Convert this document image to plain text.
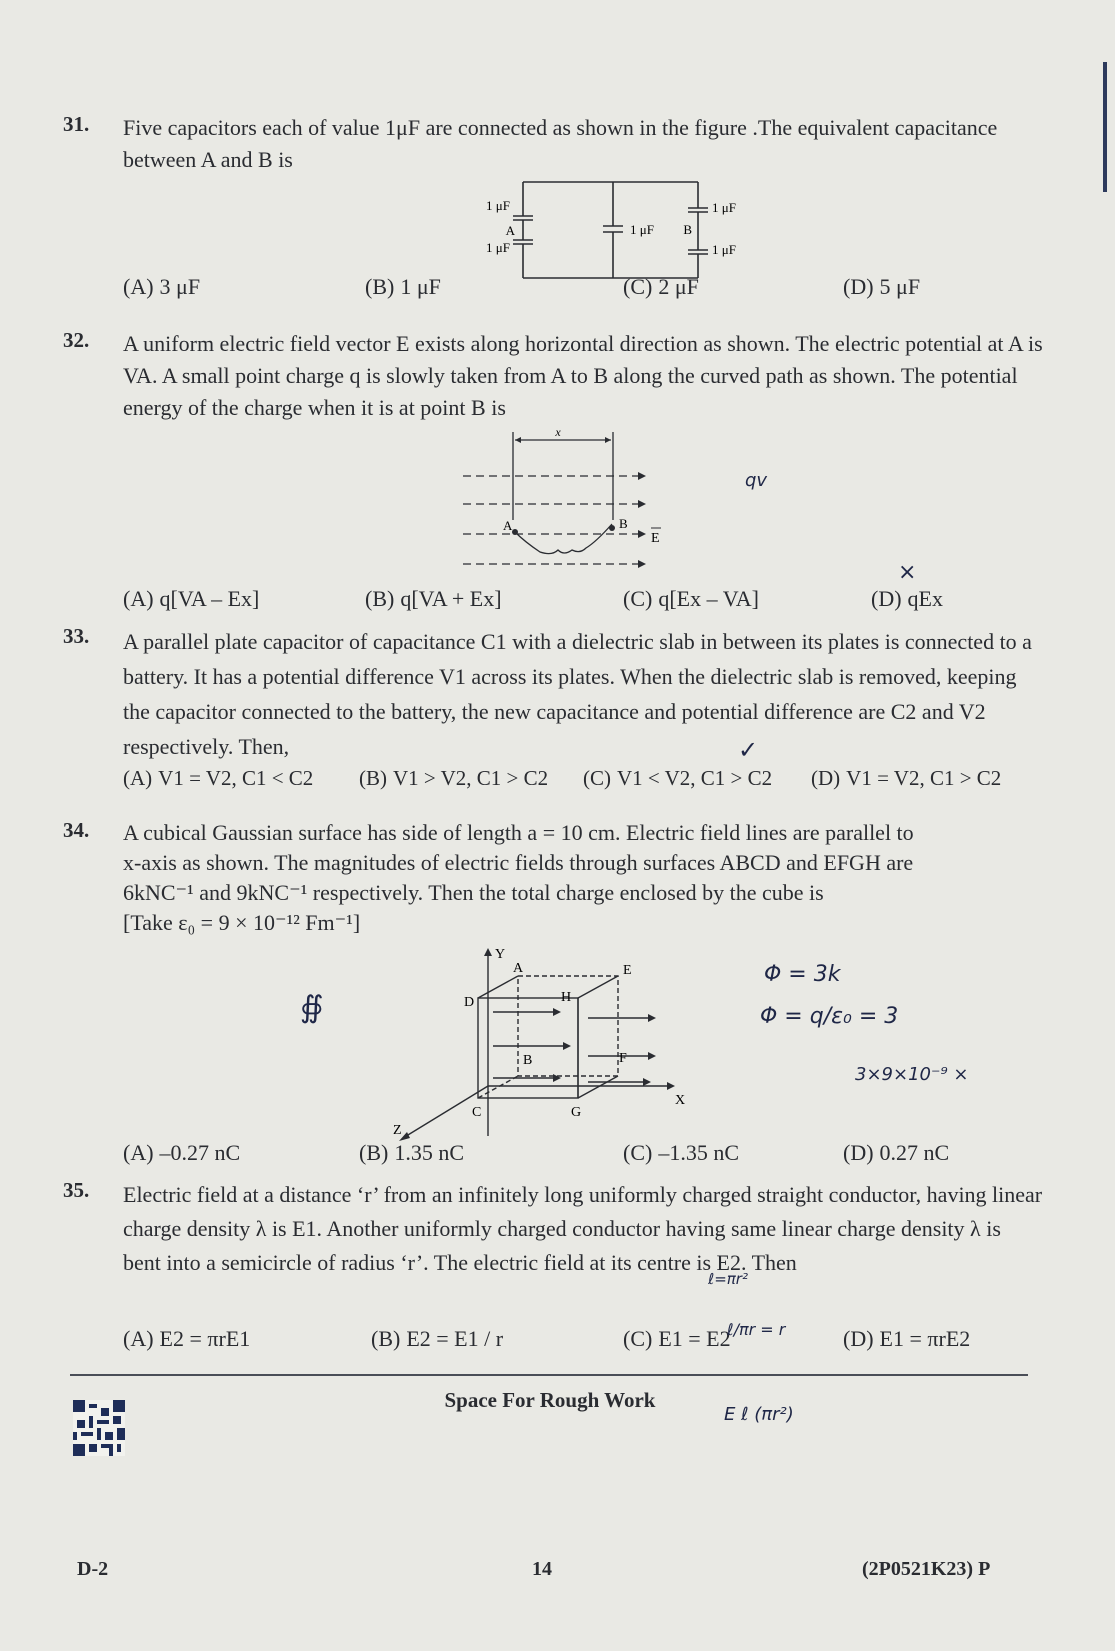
31. Five capacitors each of value 1μF are connected as shown in the figure .The equivalent capacitance between A and B is
1 μF
1 μF
1 μF
1 μF
1 μF
A	B
(A) 3 μF	(B) 1 μF	(C) 2 μF	(D) 5 μF
32. A uniform electric field vector E exists along horizontal direction as shown. The electric potential at A is VA. A small point charge q is slowly taken from A to B along the curved path as shown. The potential energy of the charge when it is at point B is
x
A	B
E
(A) q[VA – Ex]	(B) q[VA + Ex]	(C) q[Ex – VA]	(D) qEx
33. A parallel plate capacitor of capacitance C1 with a dielectric slab in between its plates is connected to a battery. It has a potential difference V1 across its plates. When the dielectric slab is removed, keeping the capacitor connected to the battery, the new capacitance and potential difference are C2 and V2 respectively. Then,
(A) V1 = V2, C1 < C2 (B) V1 > V2, C1 > C2 (C) V1 < V2, C1 > C2 (D) V1 = V2, C1 > C2
34. A cubical Gaussian surface has side of length a = 10 cm. Electric field lines are parallel to
x-axis as shown. The magnitudes of electric fields through surfaces ABCD and EFGH are
6kNC⁻¹ and 9kNC⁻¹ respectively. Then the total charge enclosed by the cube is
[Take ε₀ = 9 × 10⁻¹² Fm⁻¹]
Y
X
Z
A
B
C
D
E
F
G
H
(A) –0.27 nC	(B) 1.35 nC	(C) –1.35 nC	(D) 0.27 nC
35. Electric field at a distance ‘r’ from an infinitely long uniformly charged straight conductor, having linear charge density λ is E1. Another uniformly charged conductor having same linear charge density λ is bent into a semicircle of radius ‘r’. The electric field at its centre is E2. Then
(A) E2 = πrE1	(B) E2 = E1 / r	(C) E1 = E2	(D) E1 = πrE2
qv
×
✓
∯
Φ = 3k
Φ = q/ε₀ = 3
3×9×10⁻⁹ ×
ℓ=πr²
ℓ/πr = r
E ℓ (πr²)
Space For Rough Work
D-2	14	(2P0521K23) P
